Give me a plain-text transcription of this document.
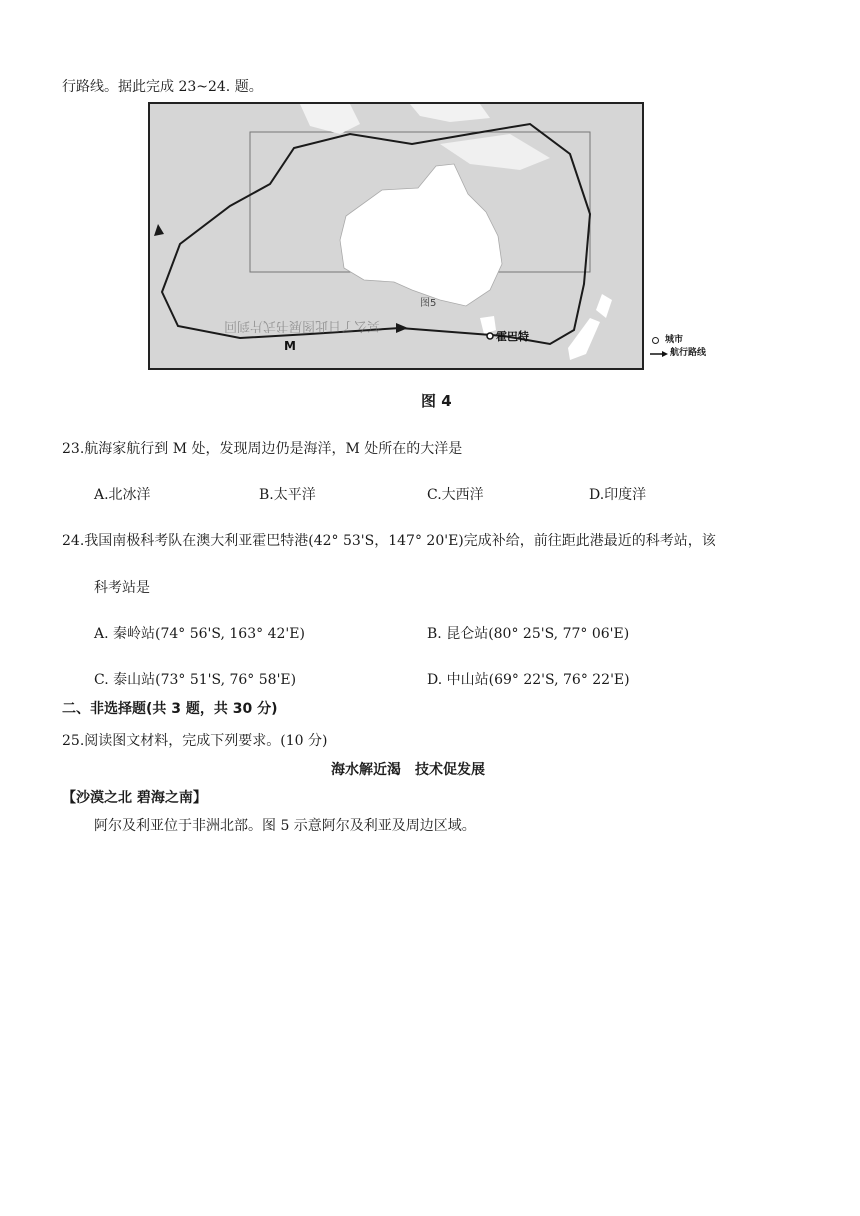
行路线。据此完成 23~24. 题。
霍巴特
M
图5
冥么了日此图展书式片到回
城市
航行路线
图 4
23.航海家航行到 M 处，发现周边仍是海洋，M 处所在的大洋是
A.北冰洋	B.太平洋	C.大西洋	D.印度洋
24.我国南极科考队在澳大利亚霍巴特港(42° 53'S，147° 20'E)完成补给，前往距此港最近的科考站，该
科考站是
A. 秦岭站(74° 56'S, 163° 42'E)	B. 昆仑站(80° 25'S, 77° 06'E)
C. 泰山站(73° 51'S, 76° 58'E)	D. 中山站(69° 22'S, 76° 22'E)
二、非选择题(共 3 题，共 30 分)
25.阅读图文材料，完成下列要求。(10 分)
海水解近渴　技术促发展
【沙漠之北 碧海之南】
阿尔及利亚位于非洲北部。图 5 示意阿尔及利亚及周边区域。
